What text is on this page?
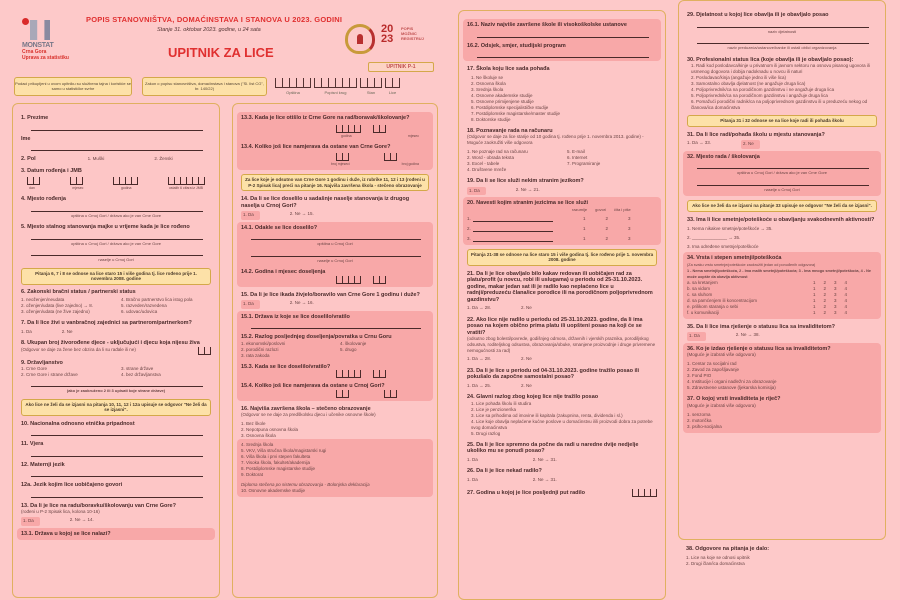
MONSTAT
Crna Gora
Uprava za statistiku
POPIS STANOVNIŠTVA, DOMAĆINSTAVA I STANOVA U 2023. GODINI
Stanje 31. oktobar 2023. godine, u 24 sata
UPITNIK ZA LICE
20
23
POPIS
MOŽNIC
REGISTRUJ
UPITNIK P-1
Podaci prikupljeni u ovom upitniku su službena tajna i koristiće se samo u statističke svrhe
Zakon o popisu stanovništva, domaćinstava i stanova ("Sl. list CG", br. 140/22)
Opština	Popisni krug	Stan	Lice
1. Prezime
Ime
2. Pol	1. Muški	2. Ženski
3. Datum rođenja i JMB
dan	mjesec	godina	ostalih 6 cifara iz JMB
4. Mjesto rođenja
opština u Crnoj Gori / država ako je van Crne Gore
5. Mjesto stalnog stanovanja majke u vrijeme kada je lice rođeno
opština u Crnoj Gori / država ako je van Crne Gore
naselje u Crnoj Gori
Pitanja 6, 7 i 8 se odnose na lice staro 15 i više godina tj. lice rođeno prije 1. novembra 2008. godine
6. Zakonski bračni status / partnerski status
1. neoženjen/neudata
2. oženjen/udata (live zajedno) → 8.
3. oženjen/udata (ne žive zajedno)
4. Bračno partnerstvo lica istog pola
5. razveden/razvedena
6. udovac/udovica
7. Da li lice živi u vanbračnoj zajednici sa partnerom/partnerkom?
1. Da	2. Ne
8. Ukupan broj živorođene djece - uključujući i djecu koja nijesu živa
(Odgovor se daje za žene bez obzira da li su rađale ili ne)
9. Državljanstvo
1. Crne Gore
2. Crne Gore i strane države
3. strane države
4. bez državljanstva
(ako je zaokruženo 2 ili 3 upisati koje strane države)
Ako lice ne želi da se izjasni na pitanja 10, 11, 12 i 12a upisuje se odgovor "Ne želi da se izjasni".
10. Nacionalna odnosno etnička pripadnost
11. Vjera
12. Maternji jezik
12a. Jezik kojim lice uobičajeno govori
13. Da li je lice na radu/boravku/školovanju van Crne Gore?
(rođeni u P-2 Spisak lica, kolona 10-16)
1. Da	2. Ne → 14.
13.1. Država u kojoj se lice nalazi?
13.3. Kada je lice otišlo iz Crne Gore na rad/boravak/školovanje?
godina	mjesec
13.4. Koliko još lice namjerava da ostane van Crne Gore?
broj mjeseci	broj godina
Za lice koje je odsutno van Crne Gore 1 godinu i duže, iz rubrike 11, 12 i 13 (rođeni u P-2 Spisak lica) preći na pitanje 16. Najviša završena škola - stečeno obrazovanje
14. Da li se lice doselilo u sadašnje naselje stanovanja iz drugog naselja u Crnoj Gori?
1. Da	2. Ne → 15.
14.1. Odakle se lice doselilo?
opština u Crnoj Gori
naselje u Crnoj Gori
14.2. Godina i mjesec doseljenja
15. Da li je lice ikada živjelo/boravilo van Crne Gore 1 godinu i duže?
1. Da	2. Ne → 16.
15.1. Država iz koje se lice doselilo/vratilo
15.2. Razlog posljednjeg doseljenja/povratka u Crnu Goru
1. ekonomski/poslovni
2. porodični razlozi
3. rata zakoda
4. školovanje
5. drugo
15.3. Kada se lice doselilo/vratilo?
15.4. Koliko još lice namjerava da ostane u Crnoj Gori?
16. Najviša završena škola – stečeno obrazovanje
(Odgovor se ne daje za predškolsku djecu i učenike osnovne škole)
1. Bez škole
2. Nepotpuna osnovna škola
3. Osnovna škola
4. Srednja škola
5. VKV, Viša stručna škola/magistarski rugi
6. Viša škola i prvi stepen fakulteta
7. Visoka škola, fakultet/akademija
8. Postdiplomske magistarske studije
9. Doktorat
Diploma stečena po sistemu obrazovanja - Bolonjska deklaracija
10. Osnovne akademske studije
16.1. Naziv najviše završene škole ili visokoškolske ustanove
16.2. Odsjek, smjer, studijski program
17. Škola koju lice sada pohađa
1. Ne školuje se
2. Osnovna škola
3. Srednja škola
4. Osnovne akademske studije
5. Osnovne primijenjene studije
6. Postdiplomske specijalističke studije
7. Postdiplomske magistarske/master studije
8. Doktorske studije
18. Poznavanje rada na računaru
(Odgovor se daje za lice starije od 10 godina tj. rođeno prije 1. novembra 2013. godine) - Moguće zaokružiti više odgovora
1. Ne poznaje rad na računaru
2. Word - obrada teksta
3. Excel - tabele
4. Društvene mreže
5. E-mail
6. Internet
7. Programiranje
19. Da li se lice služi nekim stranim jezikom?
1. Da	2. Ne → 21.
20. Navesti kojim stranim jezicima se lice služi
razumije govori čita i piše
1.	1	2	3
2.	1	2	3
3.	1	2	3
Pitanja 21-38 se odnose na lice staro 15 i više godina tj. lice rođeno prije 1. novembra 2008. godine
21. Da li je lice obavljalo bilo kakav redovan ili uobičajen rad za platu/profit (u novcu, robi ili uslugama) u periodu od 25-31.10.2023. godine, makar jedan sat ili je radilo kao neplaćeno lice u radnji/preduzeću člana/ice porodice ili na porodičnom poljoprivrednom gazdinstvu?
1. Da → 28.	2. Ne
22. Ako lice nije radilo u periodu od 25-31.10.2023. godine, da li ima posao na kojem obično prima platu ili uopšteni posao na koji će se vratiti?
(odsutno zbog bolesti/povrede, godišnjeg odmora, državnih i vjerskih praznika, porodiljskog odsustva, roditeljskog odsustva, obrazovanja/obuke, smanjene proizvodnje i druge privremene nemogućnosti za rad)
1. Da → 28.	2. Ne
23. Da li je lice u periodu od 04-31.10.2023. godine tražilo posao ili pokušalo da započne samostalni posao?
1. Da → 25.	2. Ne
24. Glavni razlog zbog kojeg lice nije tražilo posao
1. Lice pohađa školu ili studira
2. Lice je penzioner/ka
3. Lice sa prihodima od imovine ili kapitala (zakupnina, renta, dividenda i sl.)
4. Lice koje obavlja neplaćene kućne poslove u domaćinstvu i/ili proizvodi dobra za potrebe svog domaćinstva
5. Drugi razlog
25. Da li je lice spremno da počne da radi u naredne dvije nedjelje ukoliko mu se ponudi posao?
1. Da	2. Ne → 31.
26. Da li je lice nekad radilo?
1. Da	2. Ne → 31.
27. Godina u kojoj je lice posljednji put radilo
29. Djelatnost u kojoj lice obavlja ili je obavljalo posao
naziv djelatnosti
naziv preduzeća/ustanove/banke ili ostali oblici organizovanja
30. Profesionalni status lica (koje obavlja ili je obavljalo posao):
1. Radi kod poslodavca/kinje u privatnom ili javnom sektoru na osnovu pisanog ugovora ili usmenog dogovora i dobija nadoknadu u novcu ili naturi
2. Poslodavac/kinja (angažuje jedno ili više lica)
3. Samostalno obavlja djelatnost (ne angažuje druga lica)
4. Poljoprivrednik/ca na porodičnom gazdinstvu i ne angažuje druga lica
5. Poljoprivrednik/ca na porodičnom gazdinstvu i angažuje druga lica
6. Pomažući porodični radnik/ca na poljoprivrednom gazdinstvu ili u preduzeću nekog od članova/ica domaćinstva
Pitanja 31 i 32 odnose se na lice koje radi ili pohađa školu
31. Da li lice radi/pohađa školu u mjestu stanovanja?
1. Da → 33.	2. Ne
32. Mjesto rada / školovanja
opština u Crnoj Gori / država ako je van Crne Gore
naselje u Crnoj Gori
Ako lice ne želi da se izjasni na pitanje 33 upisuje se odgovor "Ne želi da se izjasni".
33. Ima li lice smetnje/poteškoće u obavljanju svakodnevnih aktivnosti?
1. Nema nikakve smetnje/poteškoće → 35.
2. ______________ → 35.
3. Ima određene smetnje/poteškoće
34. Vrsta i stepen smetnji/poteškoća
(Za svaku vrstu smetnje/poteškoće zaokružiti jedan od ponuđenih odgovora)
1 - Nema smetnji/poteškoća, 2 - Ima malih smetnji/poteškoća; 3 - Ima mnogo smetnji/poteškoća, 4 - Ne može uopšte da obavlja aktivnost
a. sa kretanjem	1 2 3 4
b. sa vidom	1 2 3 4
c. sa sluhom	1 2 3 4
d. sa pamćenjem ili koncentracijom	1 2 3 4
e. prilikom staranja o sebi	1 2 3 4
f. u komunikaciji	1 2 3 4
35. Da li lice ima rješenje o statusu lica sa invaliditetom?
1. Da	2. Ne → 38.
36. Ko je izdao rješenje o statusu lica sa invaliditetom?
(Moguće je izabrati više odgovora)
1. Centar za socijalni rad
2. Zavod za zapošljavanje
3. Fond PIO
4. Institucije i organi nadležni za obrazovanje
5. Zdravstvene ustanove (ljekarska komisija)
37. O kojoj vrsti invaliditeta je riječ?
(Moguće je izabrati više odgovora)
1. senzorna
2. motorička
3. psiho-socijalna
38. Odgovore na pitanja je dalo:
1. Lice na koje se odnosi upitnik
2. Drugi član/ica domaćinstva
